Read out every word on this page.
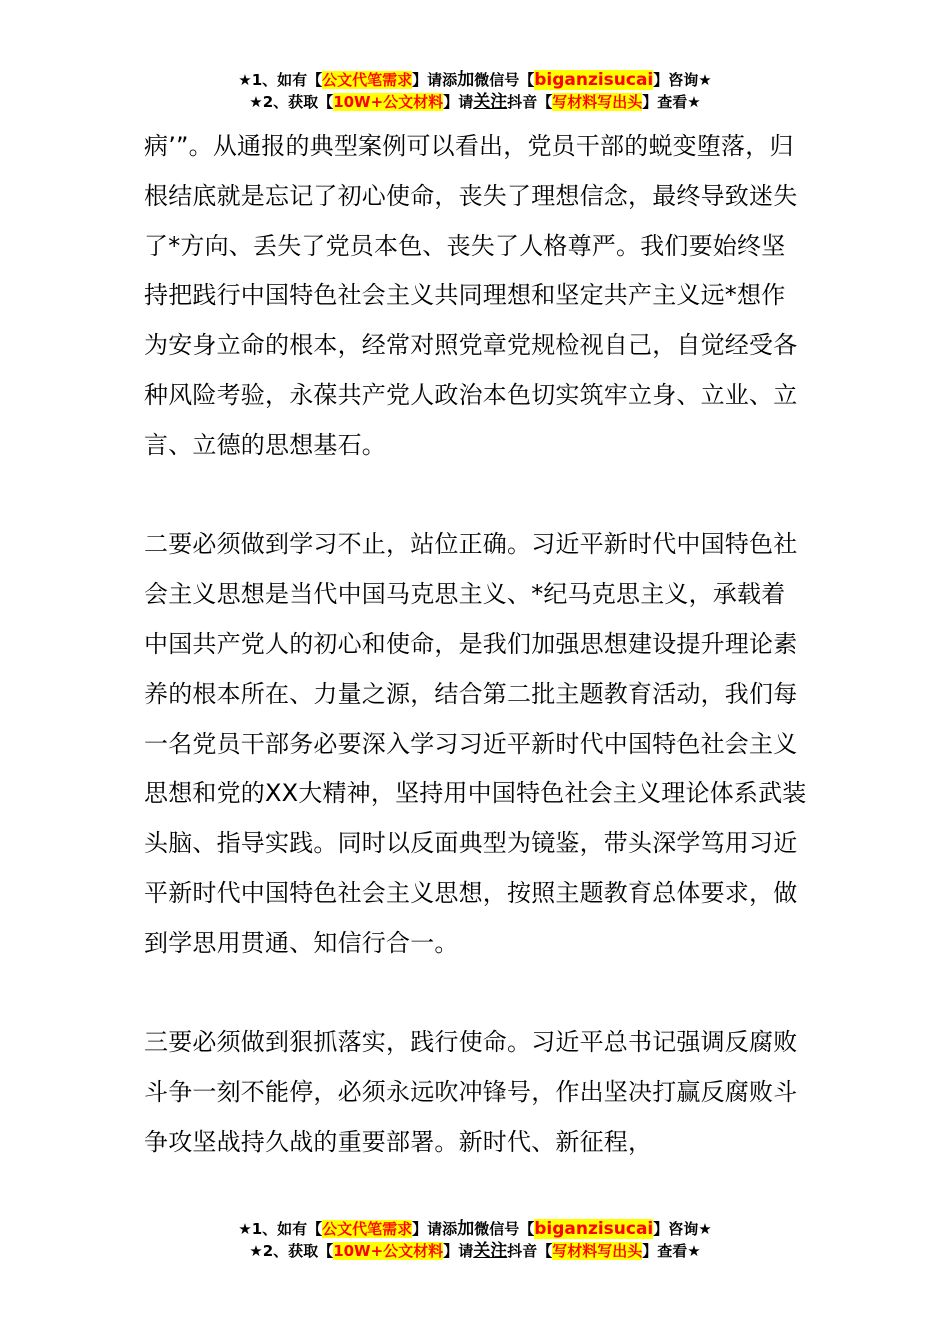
★1、如有【公文代笔需求】请添加微信号【biganzisucai】咨询★
★2、获取【10W+公文材料】请关注抖音【写材料写出头】查看★

病’”。从通报的典型案例可以看出，党员干部的蜕变堕落，归根结底就是忘记了初心使命，丧失了理想信念，最终导致迷失了*方向、丢失了党员本色、丧失了人格尊严。我们要始终坚持把践行中国特色社会主义共同理想和坚定共产主义远*想作为安身立命的根本，经常对照党章党规检视自己，自觉经受各种风险考验，永葆共产党人政治本色切实筑牢立身、立业、立言、立德的思想基石。

二要必须做到学习不止，站位正确。习近平新时代中国特色社会主义思想是当代中国马克思主义、*纪马克思主义，承载着中国共产党人的初心和使命，是我们加强思想建设提升理论素养的根本所在、力量之源，结合第二批主题教育活动，我们每一名党员干部务必要深入学习习近平新时代中国特色社会主义思想和党的XX大精神，坚持用中国特色社会主义理论体系武装头脑、指导实践。同时以反面典型为镜鉴，带头深学笃用习近平新时代中国特色社会主义思想，按照主题教育总体要求，做到学思用贯通、知信行合一。

三要必须做到狠抓落实，践行使命。习近平总书记强调反腐败斗争一刻不能停，必须永远吹冲锋号，作出坚决打赢反腐败斗争攻坚战持久战的重要部署。新时代、新征程，

★1、如有【公文代笔需求】请添加微信号【biganzisucai】咨询★
★2、获取【10W+公文材料】请关注抖音【写材料写出头】查看★
